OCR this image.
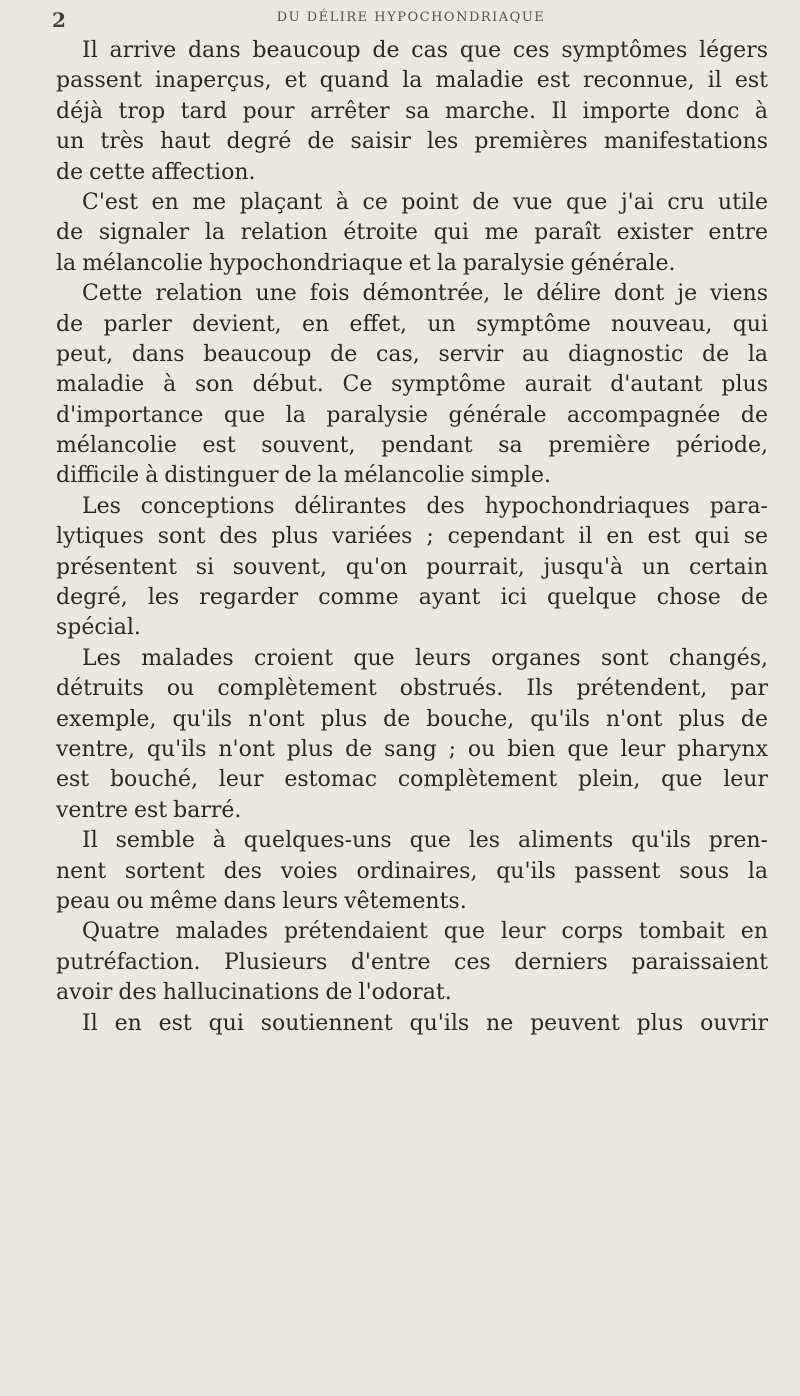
2	DU DÉLIRE HYPOCHONDRIAQUE
Il arrive dans beaucoup de cas que ces symptômes légers
passent inaperçus, et quand la maladie est reconnue, il est
déjà trop tard pour arrêter sa marche. Il importe donc à
un très haut degré de saisir les premières manifestations
de cette affection.
C'est en me plaçant à ce point de vue que j'ai cru utile
de signaler la relation étroite qui me paraît exister entre
la mélancolie hypochondriaque et la paralysie générale.
Cette relation une fois démontrée, le délire dont je viens
de parler devient, en effet, un symptôme nouveau, qui
peut, dans beaucoup de cas, servir au diagnostic de la
maladie à son début. Ce symptôme aurait d'autant plus
d'importance que la paralysie générale accompagnée de
mélancolie est souvent, pendant sa première période,
difficile à distinguer de la mélancolie simple.
Les conceptions délirantes des hypochondriaques para-
lytiques sont des plus variées ; cependant il en est qui se
présentent si souvent, qu'on pourrait, jusqu'à un certain
degré, les regarder comme ayant ici quelque chose de
spécial.
Les malades croient que leurs organes sont changés,
détruits ou complètement obstrués. Ils prétendent, par
exemple, qu'ils n'ont plus de bouche, qu'ils n'ont plus de
ventre, qu'ils n'ont plus de sang ; ou bien que leur pharynx
est bouché, leur estomac complètement plein, que leur
ventre est barré.
Il semble à quelques-uns que les aliments qu'ils pren-
nent sortent des voies ordinaires, qu'ils passent sous la
peau ou même dans leurs vêtements.
Quatre malades prétendaient que leur corps tombait en
putréfaction. Plusieurs d'entre ces derniers paraissaient
avoir des hallucinations de l'odorat.
Il en est qui soutiennent qu'ils ne peuvent plus ouvrir
